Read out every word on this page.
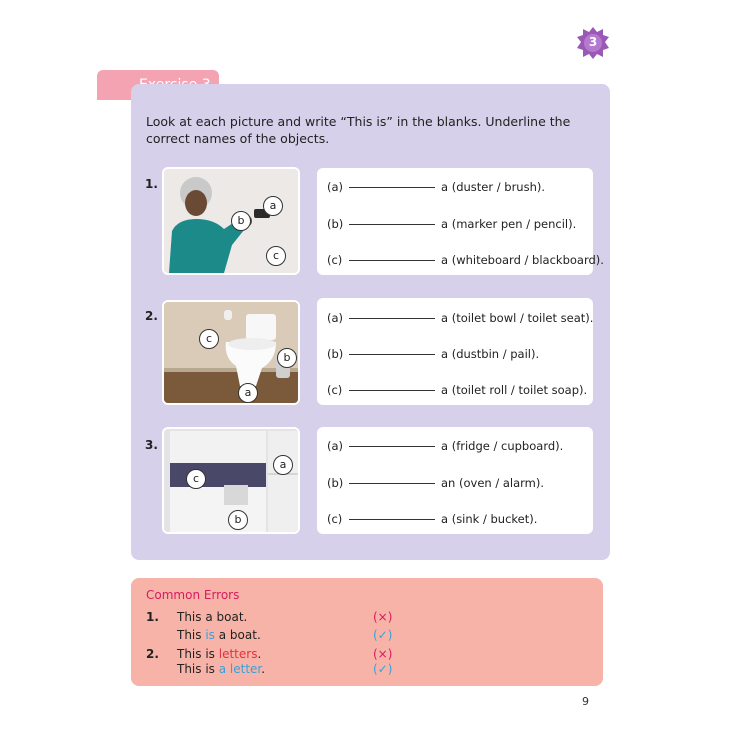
3
Look at each picture and write “This is” in the blanks. Underline the correct names of the objects.
1.
a
b
c
(a)	a (duster / brush).
(b)	a (marker pen / pencil).
(c)	a (whiteboard / blackboard).
2.
c
b
a
(a)	a (toilet bowl / toilet seat).
(b)	a (dustbin / pail).
(c)	a (toilet roll / toilet soap).
3.
a
c
b
(a)	a (fridge / cupboard).
(b)	an (oven / alarm).
(c)	a (sink / bucket).
Common Errors
1. This a boat.	(×)
This is a boat.	(✓)
2. This is letters.	(×)
This is a letter.	(✓)
9
